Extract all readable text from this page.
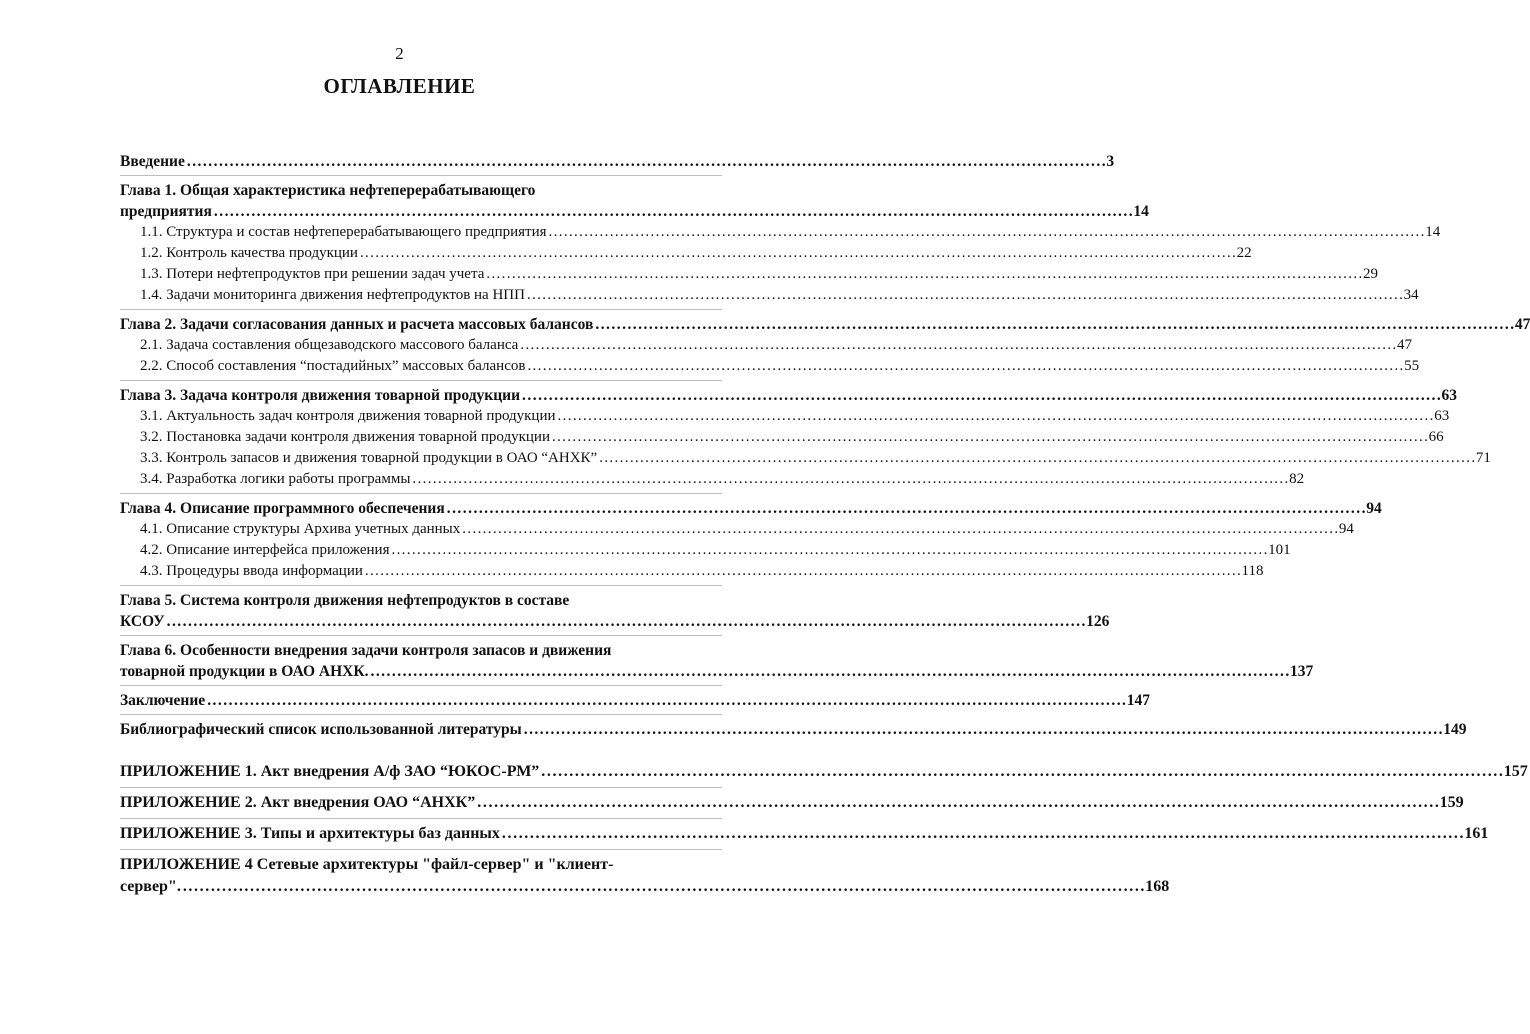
2
ОГЛАВЛЕНИЕ
Введение . . .	3
Глава 1. Общая характеристика нефтеперерабатывающего
предприятия . . .	14
1.1. Структура и состав нефтеперерабатывающего предприятия . . .	14
1.2. Контроль качества продукции . . .	22
1.3. Потери нефтепродуктов при решении задач учета . . .	29
1.4. Задачи мониторинга движения нефтепродуктов на НПП . . .	34
Глава 2. Задачи согласования данных и расчета массовых балансов . . .	47
2.1. Задача составления общезаводского массового баланса . . .	47
2.2. Способ составления “постадийных” массовых балансов . . .	55
Глава 3. Задача контроля движения товарной продукции . . .	63
3.1. Актуальность задач контроля движения товарной продукции . . .	63
3.2. Постановка задачи контроля движения товарной продукции . . .	66
3.3. Контроль запасов и движения товарной продукции в ОАО “АНХК” . . .	71
3.4. Разработка логики работы программы . . .	82
Глава 4. Описание программного обеспечения . . .	94
4.1. Описание структуры Архива учетных данных . . .	94
4.2. Описание интерфейса приложения . . .	101
4.3. Процедуры ввода информации . . .	118
Глава 5. Система контроля движения нефтепродуктов в составе
КСОУ . . .	126
Глава 6. Особенности внедрения задачи контроля запасов и движения
товарной продукции в ОАО АНХК. . . .	137
Заключение . . .	147
Библиографический список использованной литературы . . .	149
ПРИЛОЖЕНИЕ 1. Акт внедрения А/ф ЗАО “ЮКОС-РМ” . . .	157
ПРИЛОЖЕНИЕ 2. Акт внедрения ОАО “АНХК” . . .	159
ПРИЛОЖЕНИЕ 3. Типы и архитектуры баз данных . . .	161
ПРИЛОЖЕНИЕ 4 Сетевые архитектуры "файл-сервер" и "клиент-
сервер". . . .	168
